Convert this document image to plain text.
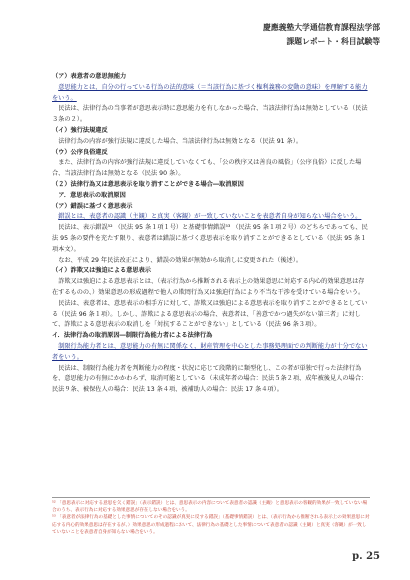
慶應義塾大学通信教育課程法学部
課題レポート・科目試験等

（ア）表意者の意思無能力

意思能力とは、自分の行っている行為の法的意味（＝当該行為に基づく権利義務の変動の意味）を理解する能力をいう。

民法は、法律行為の当事者が意思表示時に意思能力を有しなかった場合、当該法律行為は無効としている（民法３条の２）。

（イ）強行法規違反

法律行為の内容が強行法規に違反した場合、当該法律行為は無効となる（民法 91 条）。

（ウ）公序良俗違反

また、法律行為の内容が強行法規に違反していなくても、「公の秩序又は善良の風俗」（公序良俗）に反した場合、当該法律行為は無効となる（民法 90 条）。

（２）法律行為又は意思表示を取り消すことができる場合―取消原因

ア．意思表示の取消原因

（ア）錯誤に基づく意思表示

錯誤とは、表意者の認識（主観）と真実（客観）が一致していないことを表意者自身が知らない場合をいう。

民法は、表示錯誤⁵² （民法 95 条１項１号）と基礎事情錯誤⁵³ （民法 95 条１項２号）のどちらであっても、民法 95 条の要件を充たす限り、表意者は錯誤に基づく意思表示を取り消すことができるとしている（民法 95 条１項本文）。

なお、平成 29 年民法改正により、錯誤の効果が無効から取消しに変更された（後述）。

（イ）詐欺又は強迫による意思表示

詐欺又は強迫による意思表示とは、（表示行為から推断される表示上の効果意思に対応する内心的効果意思は存在するものの、）効果意思の形成過程で他人の欺罔行為又は強迫行為により不当な干渉を受けている場合をいう。

民法は、表意者は、意思表示の相手方に対して、詐欺又は強迫による意思表示を取り消すことができるとしている（民法 96 条１項）。しかし、詐欺による意思表示の場合、表意者は、「善意でかつ過失がない第三者」に対して、詐欺による意思表示の取消しを「対抗することができない」としている（民法 96 条３項）。

イ．法律行為の取消原因―制限行為能力者による法律行為

制限行為能力者とは、意思能力の有無に関係なく、財産管理を中心とした事務処理面での判断能力が十分でない者をいう。

民法は、制限行為能力者を判断能力の程度・状況に応じて段階的に類型化し、この者が単独で行った法律行為を、意思能力の有無にかかわらず、取消可能としている（未成年者の場合：民法５条２項、成年被後見人の場合：民法９条、被保佐人の場合：民法 13 条４項、被補助人の場合：民法 17 条４項）。

⁵² 「意思表示に対応する意思を欠く錯誤」（表示錯誤）とは、意思表示の内容について表意者の認識（主観）と意思表示の客観的効果が一致していない場合のうち、表示行為に対応する効果意思が存在しない場合をいう。

⁵³ 「表意者が法律行為の基礎とした事情についてのその認識が真実に反する錯誤」（基礎事情錯誤）とは、（表示行為から推断される表示上の効果意思に対応する内心的効果意思は存在するが、）効果意思の形成過程において、法律行為の基礎とした事情について表意者の認識（主観）と真実（客観）が一致していないことを表意者自身が知らない場合をいう。

p. 25
